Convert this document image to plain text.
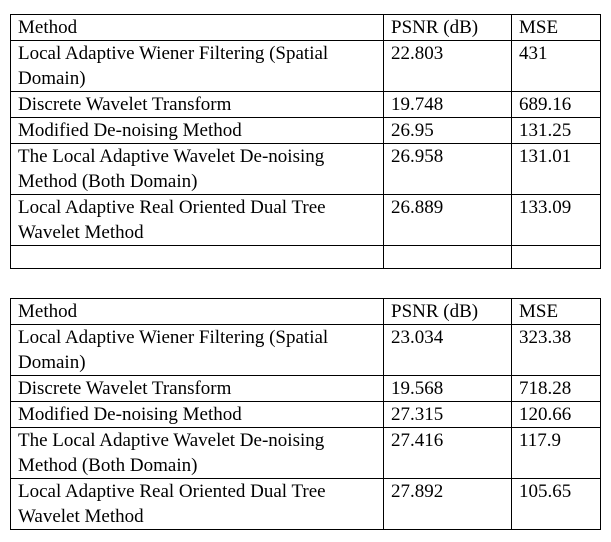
Method	PSNR (dB)	MSE
Local Adaptive Wiener Filtering (Spatial Domain)	22.803	431
Discrete Wavelet Transform	19.748	689.16
Modified De-noising Method	26.95	131.25
The Local Adaptive Wavelet De-noising Method (Both Domain)	26.958	131.01
Local Adaptive Real Oriented Dual Tree Wavelet Method	26.889	133.09

Method	PSNR (dB)	MSE
Local Adaptive Wiener Filtering (Spatial Domain)	23.034	323.38
Discrete Wavelet Transform	19.568	718.28
Modified De-noising Method	27.315	120.66
The Local Adaptive Wavelet De-noising Method (Both Domain)	27.416	117.9
Local Adaptive Real Oriented Dual Tree Wavelet Method	27.892	105.65
